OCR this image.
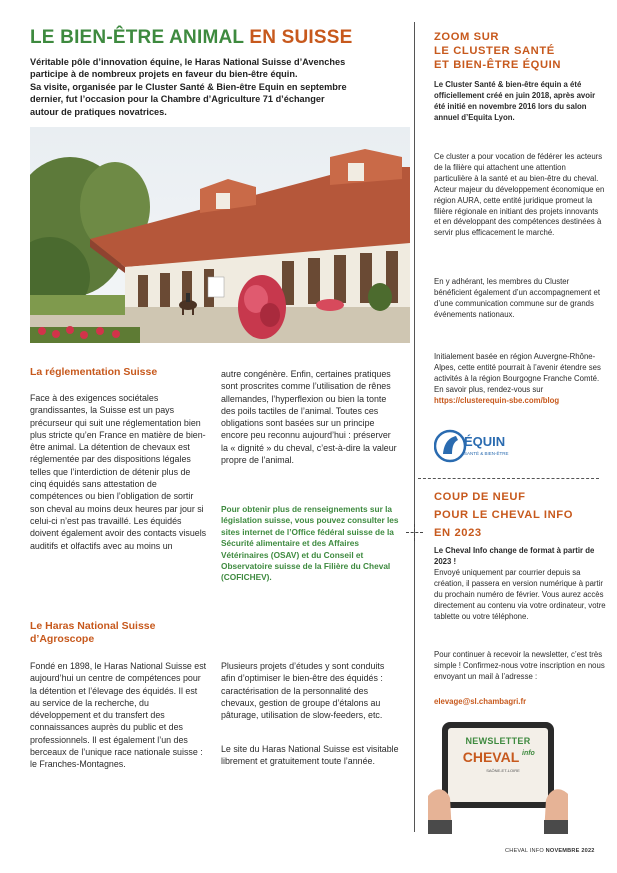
LE BIEN-ÊTRE ANIMAL EN SUISSE
Véritable pôle d’innovation équine, le Haras National Suisse d’Avenches
participe à de nombreux projets en faveur du bien-être équin.
Sa visite, organisée par le Cluster Santé & Bien-être Equin en septembre
dernier, fut l’occasion pour la Chambre d’Agriculture 71 d’échanger
autour de pratiques novatrices.
La réglementation Suisse
Face à des exigences sociétales grandissantes, la Suisse est un pays précurseur qui suit une réglementation bien plus stricte qu’en France en matière de bien-être animal. La détention de chevaux est réglementée par des dispositions légales telles que l’interdiction de détenir plus de cinq équidés sans attestation de compétences ou bien l’obligation de sortir son cheval au moins deux heures par jour si celui-ci n’est pas travaillé. Les équidés doivent également avoir des contacts visuels auditifs et olfactifs avec au moins un
autre congénère. Enfin, certaines pratiques sont proscrites comme l’utilisation de rênes allemandes, l’hyperflexion ou bien la tonte des poils tactiles de l’animal. Toutes ces obligations sont basées sur un principe encore peu reconnu aujourd’hui : préserver la « dignité » du cheval, c’est-à-dire la valeur propre de l’animal.
Pour obtenir plus de renseignements sur la législation suisse, vous pouvez consulter les sites internet de l’Office fédéral suisse de la Sécurité alimentaire et des Affaires Vétérinaires (OSAV) et du Conseil et Observatoire suisse de la Filière du Cheval (COFICHEV).
Le Haras National Suisse
d’Agroscope
Fondé en 1898, le Haras National Suisse est aujourd’hui un centre de compétences pour la détention et l’élevage des équidés. Il est au service de la recherche, du développement et du transfert des connaissances auprès du public et des professionnels. Il est également l’un des berceaux de l’unique race nationale suisse : le Franches-Montagnes.
Plusieurs projets d’études y sont conduits afin d’optimiser le bien-être des équidés : caractérisation de la personnalité des chevaux, gestion de groupe d’étalons au pâturage, utilisation de slow-feeders, etc.
Le site du Haras National Suisse est visitable librement et gratuitement toute l’année.
ZOOM SUR
LE CLUSTER SANTÉ
ET BIEN-ÊTRE ÉQUIN
Le Cluster Santé & bien-être équin a été officiellement créé en juin 2018, après avoir été initié en novembre 2016 lors du salon annuel d’Equita Lyon.
Ce cluster a pour vocation de fédérer les acteurs de la filière qui attachent une attention particulière à la santé et au bien-être du cheval. Acteur majeur du développement économique en région AURA, cette entité juridique promeut la filière régionale en initiant des projets innovants et en développant des compétences destinées à servir plus efficacement le marché.
En y adhérant, les membres du Cluster bénéficient également d’un accompagnement et d’une communication commune sur de grands événements nationaux.
Initialement basée en région Auvergne-Rhône-Alpes, cette entité pourrait à l’avenir étendre ses activités à la région Bourgogne Franche Comté. En savoir plus, rendez-vous sur https://clusterequin-sbe.com/blog
ÉQUIN
SANTÉ & BIEN-ÊTRE
COUP DE NEUF
POUR LE CHEVAL INFO
EN 2023
Le Cheval Info change de format à partir de 2023 !
Envoyé uniquement par courrier depuis sa création, il passera en version numérique à partir du prochain numéro de février. Vous aurez accès directement au contenu via votre ordinateur, votre tablette ou votre téléphone.
Pour continuer à recevoir la newsletter, c’est très simple ! Confirmez-nous votre inscription en nous envoyant un mail à l’adresse :
elevage@sl.chambagri.fr
NEWSLETTER
CHEVAL info
SAÔNE-ET-LOIRE
CHEVAL INFO NOVEMBRE 2022
